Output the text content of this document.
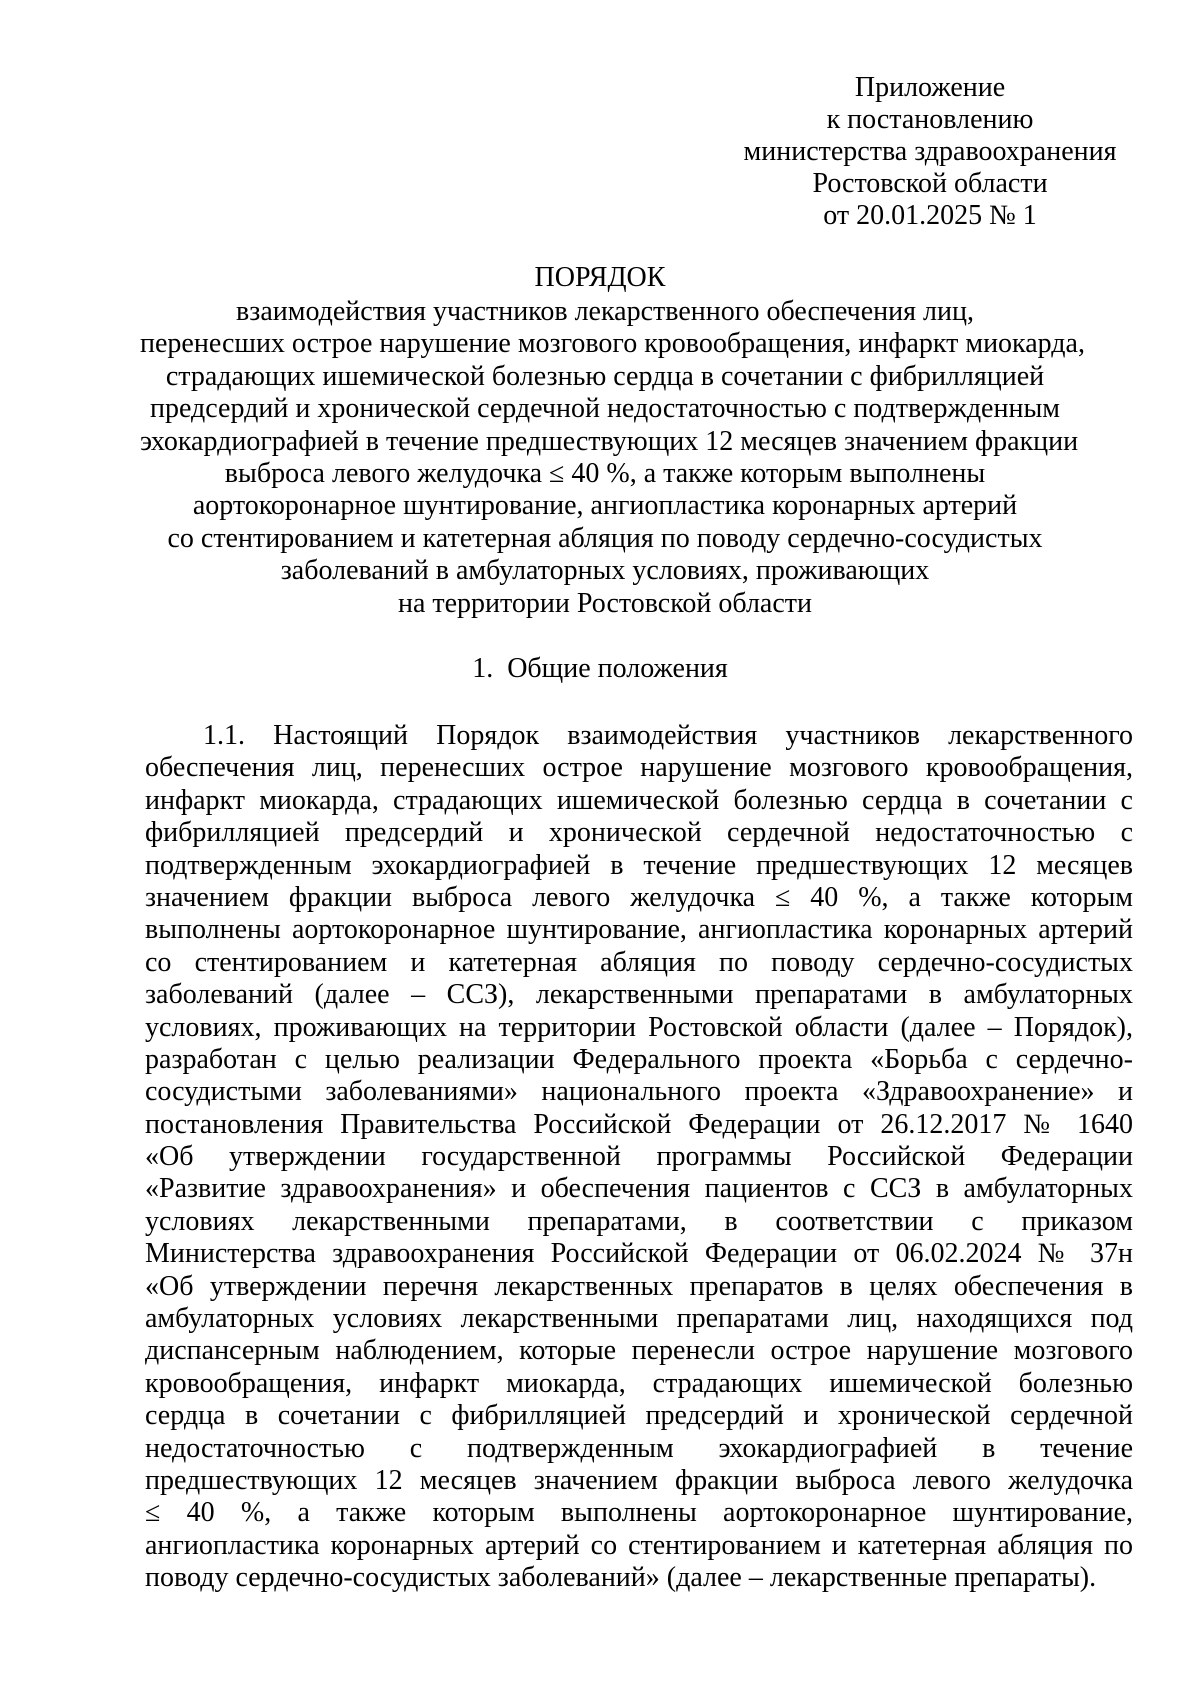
Приложение
к постановлению
министерства здравоохранения
Ростовской области
от 20.01.2025 № 1
ПОРЯДОК
взаимодействия участников лекарственного обеспечения лиц,
перенесших острое нарушение мозгового кровообращения, инфаркт миокарда,
страдающих ишемической болезнью сердца в сочетании с фибрилляцией
предсердий и хронической сердечной недостаточностью с подтвержденным
эхокардиографией в течение предшествующих 12 месяцев значением фракции
выброса левого желудочка ≤ 40 %, а также которым выполнены
аортокоронарное шунтирование, ангиопластика коронарных артерий
со стентированием и катетерная абляция по поводу сердечно-сосудистых
заболеваний в амбулаторных условиях, проживающих
на территории Ростовской области
1. Общие положения
1.1. Настоящий Порядок взаимодействия участников лекарственного
обеспечения лиц, перенесших острое нарушение мозгового кровообращения,
инфаркт миокарда, страдающих ишемической болезнью сердца в сочетании с
фибрилляцией предсердий и хронической сердечной недостаточностью с
подтвержденным эхокардиографией в течение предшествующих 12 месяцев
значением фракции выброса левого желудочка ≤ 40 %, а также которым
выполнены аортокоронарное шунтирование, ангиопластика коронарных артерий
со стентированием и катетерная абляция по поводу сердечно-сосудистых
заболеваний (далее – ССЗ), лекарственными препаратами в амбулаторных
условиях, проживающих на территории Ростовской области (далее – Порядок),
разработан с целью реализации Федерального проекта «Борьба с сердечно-
сосудистыми заболеваниями» национального проекта «Здравоохранение» и
постановления Правительства Российской Федерации от 26.12.2017 № 1640
«Об утверждении государственной программы Российской Федерации
«Развитие здравоохранения» и обеспечения пациентов с ССЗ в амбулаторных
условиях лекарственными препаратами, в соответствии с приказом
Министерства здравоохранения Российской Федерации от 06.02.2024 № 37н
«Об утверждении перечня лекарственных препаратов в целях обеспечения в
амбулаторных условиях лекарственными препаратами лиц, находящихся под
диспансерным наблюдением, которые перенесли острое нарушение мозгового
кровообращения, инфаркт миокарда, страдающих ишемической болезнью
сердца в сочетании с фибрилляцией предсердий и хронической сердечной
недостаточностью с подтвержденным эхокардиографией в течение
предшествующих 12 месяцев значением фракции выброса левого желудочка
≤ 40 %, а также которым выполнены аортокоронарное шунтирование,
ангиопластика коронарных артерий со стентированием и катетерная абляция по
поводу сердечно-сосудистых заболеваний» (далее – лекарственные препараты).
